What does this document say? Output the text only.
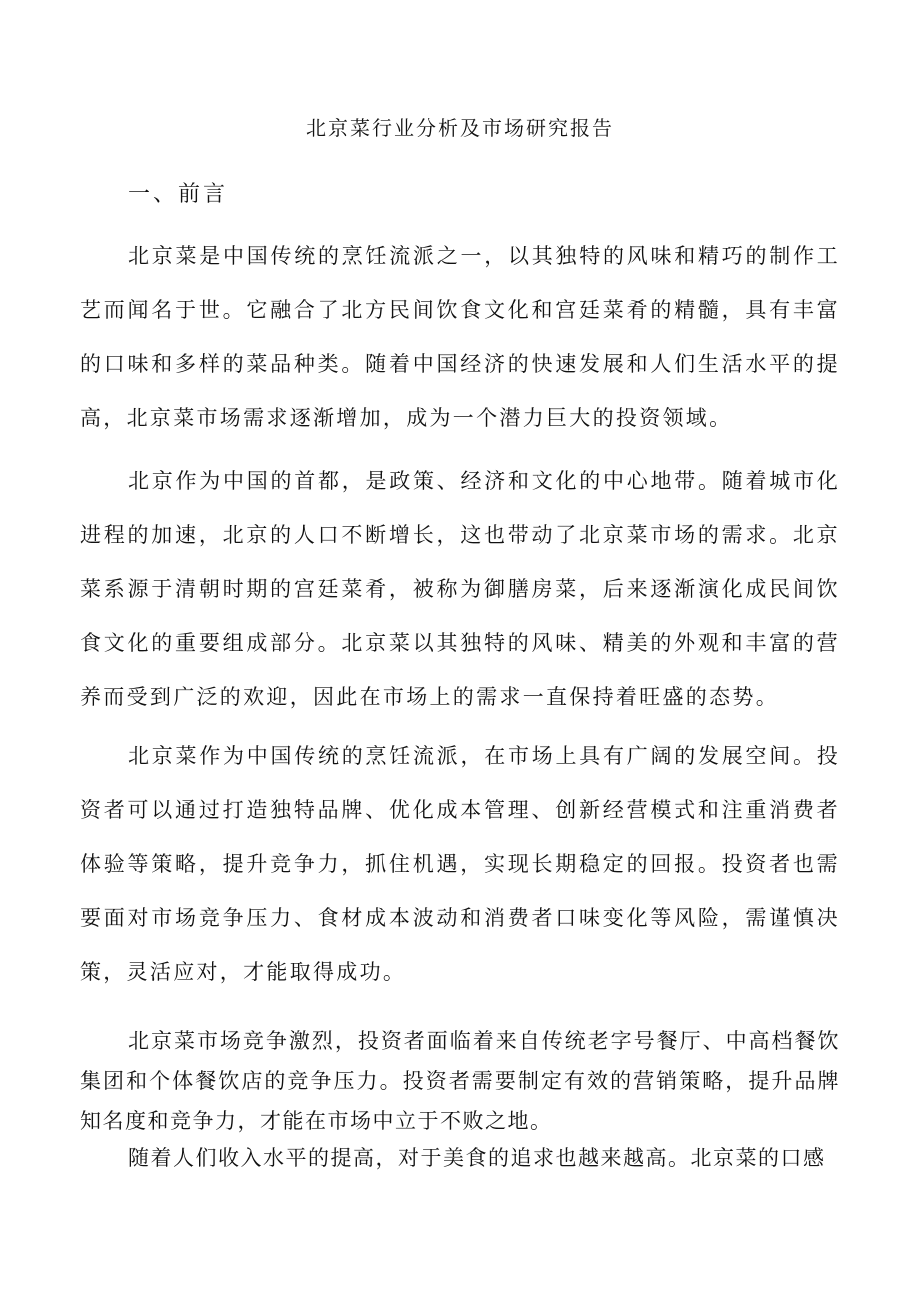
北京菜行业分析及市场研究报告
一、前言

北京菜是中国传统的烹饪流派之一，以其独特的风味和精巧的制作工艺而闻名于世。它融合了北方民间饮食文化和宫廷菜肴的精髓，具有丰富的口味和多样的菜品种类。随着中国经济的快速发展和人们生活水平的提高，北京菜市场需求逐渐增加，成为一个潜力巨大的投资领域。

北京作为中国的首都，是政策、经济和文化的中心地带。随着城市化进程的加速，北京的人口不断增长，这也带动了北京菜市场的需求。北京菜系源于清朝时期的宫廷菜肴，被称为御膳房菜，后来逐渐演化成民间饮食文化的重要组成部分。北京菜以其独特的风味、精美的外观和丰富的营养而受到广泛的欢迎，因此在市场上的需求一直保持着旺盛的态势。

北京菜作为中国传统的烹饪流派，在市场上具有广阔的发展空间。投资者可以通过打造独特品牌、优化成本管理、创新经营模式和注重消费者体验等策略，提升竞争力，抓住机遇，实现长期稳定的回报。投资者也需要面对市场竞争压力、食材成本波动和消费者口味变化等风险，需谨慎决策，灵活应对，才能取得成功。

北京菜市场竞争激烈，投资者面临着来自传统老字号餐厅、中高档餐饮集团和个体餐饮店的竞争压力。投资者需要制定有效的营销策略，提升品牌知名度和竞争力，才能在市场中立于不败之地。

随着人们收入水平的提高，对于美食的追求也越来越高。北京菜的口感
